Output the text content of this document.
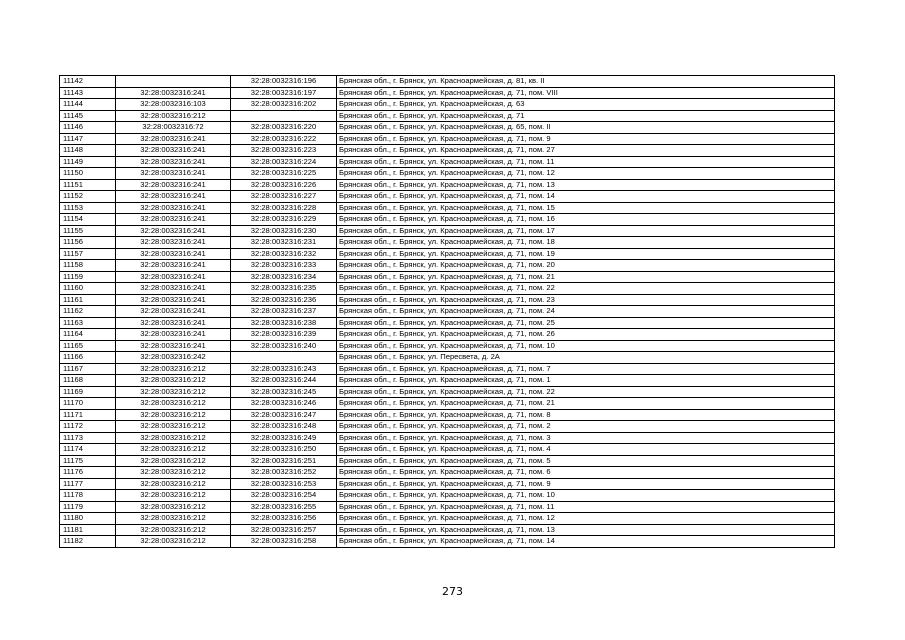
11142		32:28:0032316:196	Брянская обл., г. Брянск, ул. Красноармейская, д. 81, кв. II
11143	32:28:0032316:241	32:28:0032316:197	Брянская обл., г. Брянск, ул. Красноармейская, д. 71, пом. VIII
11144	32:28:0032316:103	32:28:0032316:202	Брянская обл., г. Брянск, ул. Красноармейская, д. 63
11145	32:28:0032316:212		Брянская обл., г. Брянск, ул. Красноармейская, д. 71
11146	32:28:0032316:72	32:28:0032316:220	Брянская обл., г. Брянск, ул. Красноармейская, д. 65, пом. II
11147	32:28:0032316:241	32:28:0032316:222	Брянская обл., г. Брянск, ул. Красноармейская, д. 71, пом. 9
11148	32:28:0032316:241	32:28:0032316:223	Брянская обл., г. Брянск, ул. Красноармейская, д. 71, пом. 27
11149	32:28:0032316:241	32:28:0032316:224	Брянская обл., г. Брянск, ул. Красноармейская, д. 71, пом. 11
11150	32:28:0032316:241	32:28:0032316:225	Брянская обл., г. Брянск, ул. Красноармейская, д. 71, пом. 12
11151	32:28:0032316:241	32:28:0032316:226	Брянская обл., г. Брянск, ул. Красноармейская, д. 71, пом. 13
11152	32:28:0032316:241	32:28:0032316:227	Брянская обл., г. Брянск, ул. Красноармейская, д. 71, пом. 14
11153	32:28:0032316:241	32:28:0032316:228	Брянская обл., г. Брянск, ул. Красноармейская, д. 71, пом. 15
11154	32:28:0032316:241	32:28:0032316:229	Брянская обл., г. Брянск, ул. Красноармейская, д. 71, пом. 16
11155	32:28:0032316:241	32:28:0032316:230	Брянская обл., г. Брянск, ул. Красноармейская, д. 71, пом. 17
11156	32:28:0032316:241	32:28:0032316:231	Брянская обл., г. Брянск, ул. Красноармейская, д. 71, пом. 18
11157	32:28:0032316:241	32:28:0032316:232	Брянская обл., г. Брянск, ул. Красноармейская, д. 71, пом. 19
11158	32:28:0032316:241	32:28:0032316:233	Брянская обл., г. Брянск, ул. Красноармейская, д. 71, пом. 20
11159	32:28:0032316:241	32:28:0032316:234	Брянская обл., г. Брянск, ул. Красноармейская, д. 71, пом. 21
11160	32:28:0032316:241	32:28:0032316:235	Брянская обл., г. Брянск, ул. Красноармейская, д. 71, пом. 22
11161	32:28:0032316:241	32:28:0032316:236	Брянская обл., г. Брянск, ул. Красноармейская, д. 71, пом. 23
11162	32:28:0032316:241	32:28:0032316:237	Брянская обл., г. Брянск, ул. Красноармейская, д. 71, пом. 24
11163	32:28:0032316:241	32:28:0032316:238	Брянская обл., г. Брянск, ул. Красноармейская, д. 71, пом. 25
11164	32:28:0032316:241	32:28:0032316:239	Брянская обл., г. Брянск, ул. Красноармейская, д. 71, пом. 26
11165	32:28:0032316:241	32:28:0032316:240	Брянская обл., г. Брянск, ул. Красноармейская, д. 71, пом. 10
11166	32:28:0032316:242		Брянская обл., г. Брянск, ул. Пересвета, д. 2А
11167	32:28:0032316:212	32:28:0032316:243	Брянская обл., г. Брянск, ул. Красноармейская, д. 71, пом. 7
11168	32:28:0032316:212	32:28:0032316:244	Брянская обл., г. Брянск, ул. Красноармейская, д. 71, пом. 1
11169	32:28:0032316:212	32:28:0032316:245	Брянская обл., г. Брянск, ул. Красноармейская, д. 71, пом. 22
11170	32:28:0032316:212	32:28:0032316:246	Брянская обл., г. Брянск, ул. Красноармейская, д. 71, пом. 21
11171	32:28:0032316:212	32:28:0032316:247	Брянская обл., г. Брянск, ул. Красноармейская, д. 71, пом. 8
11172	32:28:0032316:212	32:28:0032316:248	Брянская обл., г. Брянск, ул. Красноармейская, д. 71, пом. 2
11173	32:28:0032316:212	32:28:0032316:249	Брянская обл., г. Брянск, ул. Красноармейская, д. 71, пом. 3
11174	32:28:0032316:212	32:28:0032316:250	Брянская обл., г. Брянск, ул. Красноармейская, д. 71, пом. 4
11175	32:28:0032316:212	32:28:0032316:251	Брянская обл., г. Брянск, ул. Красноармейская, д. 71, пом. 5
11176	32:28:0032316:212	32:28:0032316:252	Брянская обл., г. Брянск, ул. Красноармейская, д. 71, пом. 6
11177	32:28:0032316:212	32:28:0032316:253	Брянская обл., г. Брянск, ул. Красноармейская, д. 71, пом. 9
11178	32:28:0032316:212	32:28:0032316:254	Брянская обл., г. Брянск, ул. Красноармейская, д. 71, пом. 10
11179	32:28:0032316:212	32:28:0032316:255	Брянская обл., г. Брянск, ул. Красноармейская, д. 71, пом. 11
11180	32:28:0032316:212	32:28:0032316:256	Брянская обл., г. Брянск, ул. Красноармейская, д. 71, пом. 12
11181	32:28:0032316:212	32:28:0032316:257	Брянская обл., г. Брянск, ул. Красноармейская, д. 71, пом. 13
11182	32:28:0032316:212	32:28:0032316:258	Брянская обл., г. Брянск, ул. Красноармейская, д. 71, пом. 14
273
